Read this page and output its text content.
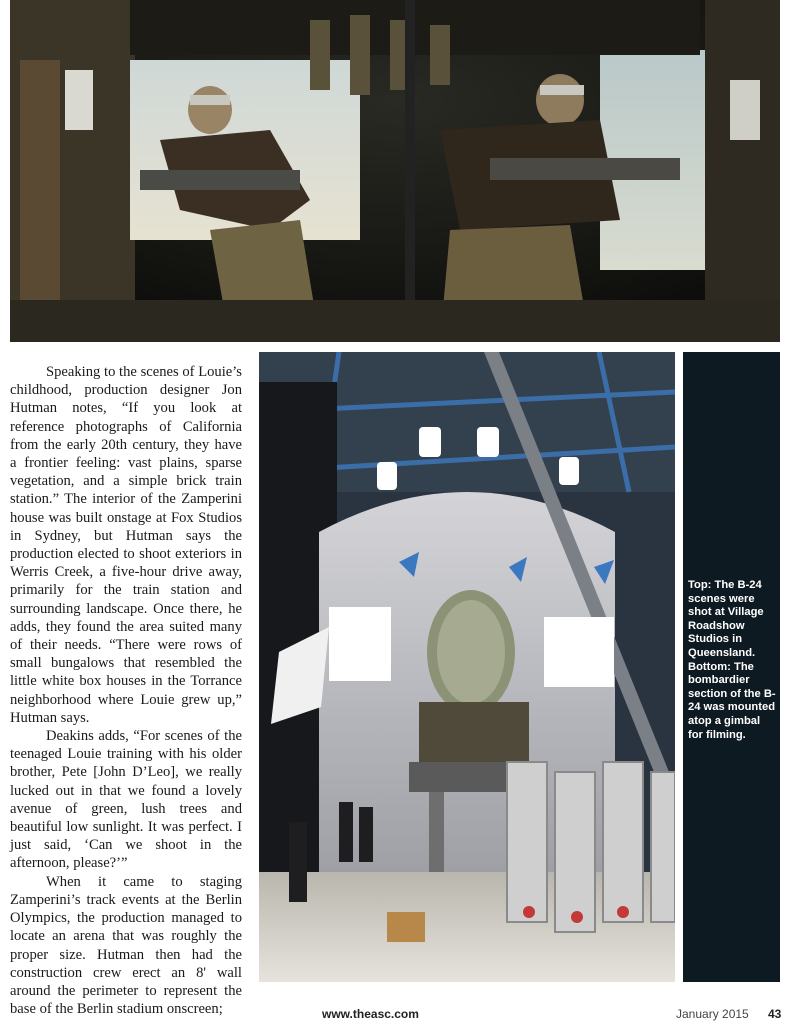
Speaking to the scenes of Louie’s childhood, production designer Jon Hutman notes, “If you look at reference photographs of California from the early 20th century, they have a frontier feeling: vast plains, sparse vegetation, and a simple brick train station.” The interior of the Zamperini house was built onstage at Fox Studios in Sydney, but Hutman says the production elected to shoot exteriors in Werris Creek, a five-hour drive away, primarily for the train station and surrounding landscape. Once there, he adds, they found the area suited many of their needs. “There were rows of small bungalows that resembled the little white box houses in the Torrance neighborhood where Louie grew up,” Hutman says.

Deakins adds, “For scenes of the teenaged Louie training with his older brother, Pete [John D’Leo], we really lucked out in that we found a lovely avenue of green, lush trees and beautiful low sunlight. It was perfect. I just said, ‘Can we shoot in the afternoon, please?’”

When it came to staging Zamperini’s track events at the Berlin Olympics, the production managed to locate an arena that was roughly the proper size. Hutman then had the construction crew erect an 8' wall around the perimeter to represent the base of the Berlin stadium onscreen;

Top: The B-24 scenes were shot at Village Roadshow Studios in Queensland. Bottom: The bombardier section of the B-24 was mounted atop a gimbal for filming.
www.theasc.com	January 2015 43
